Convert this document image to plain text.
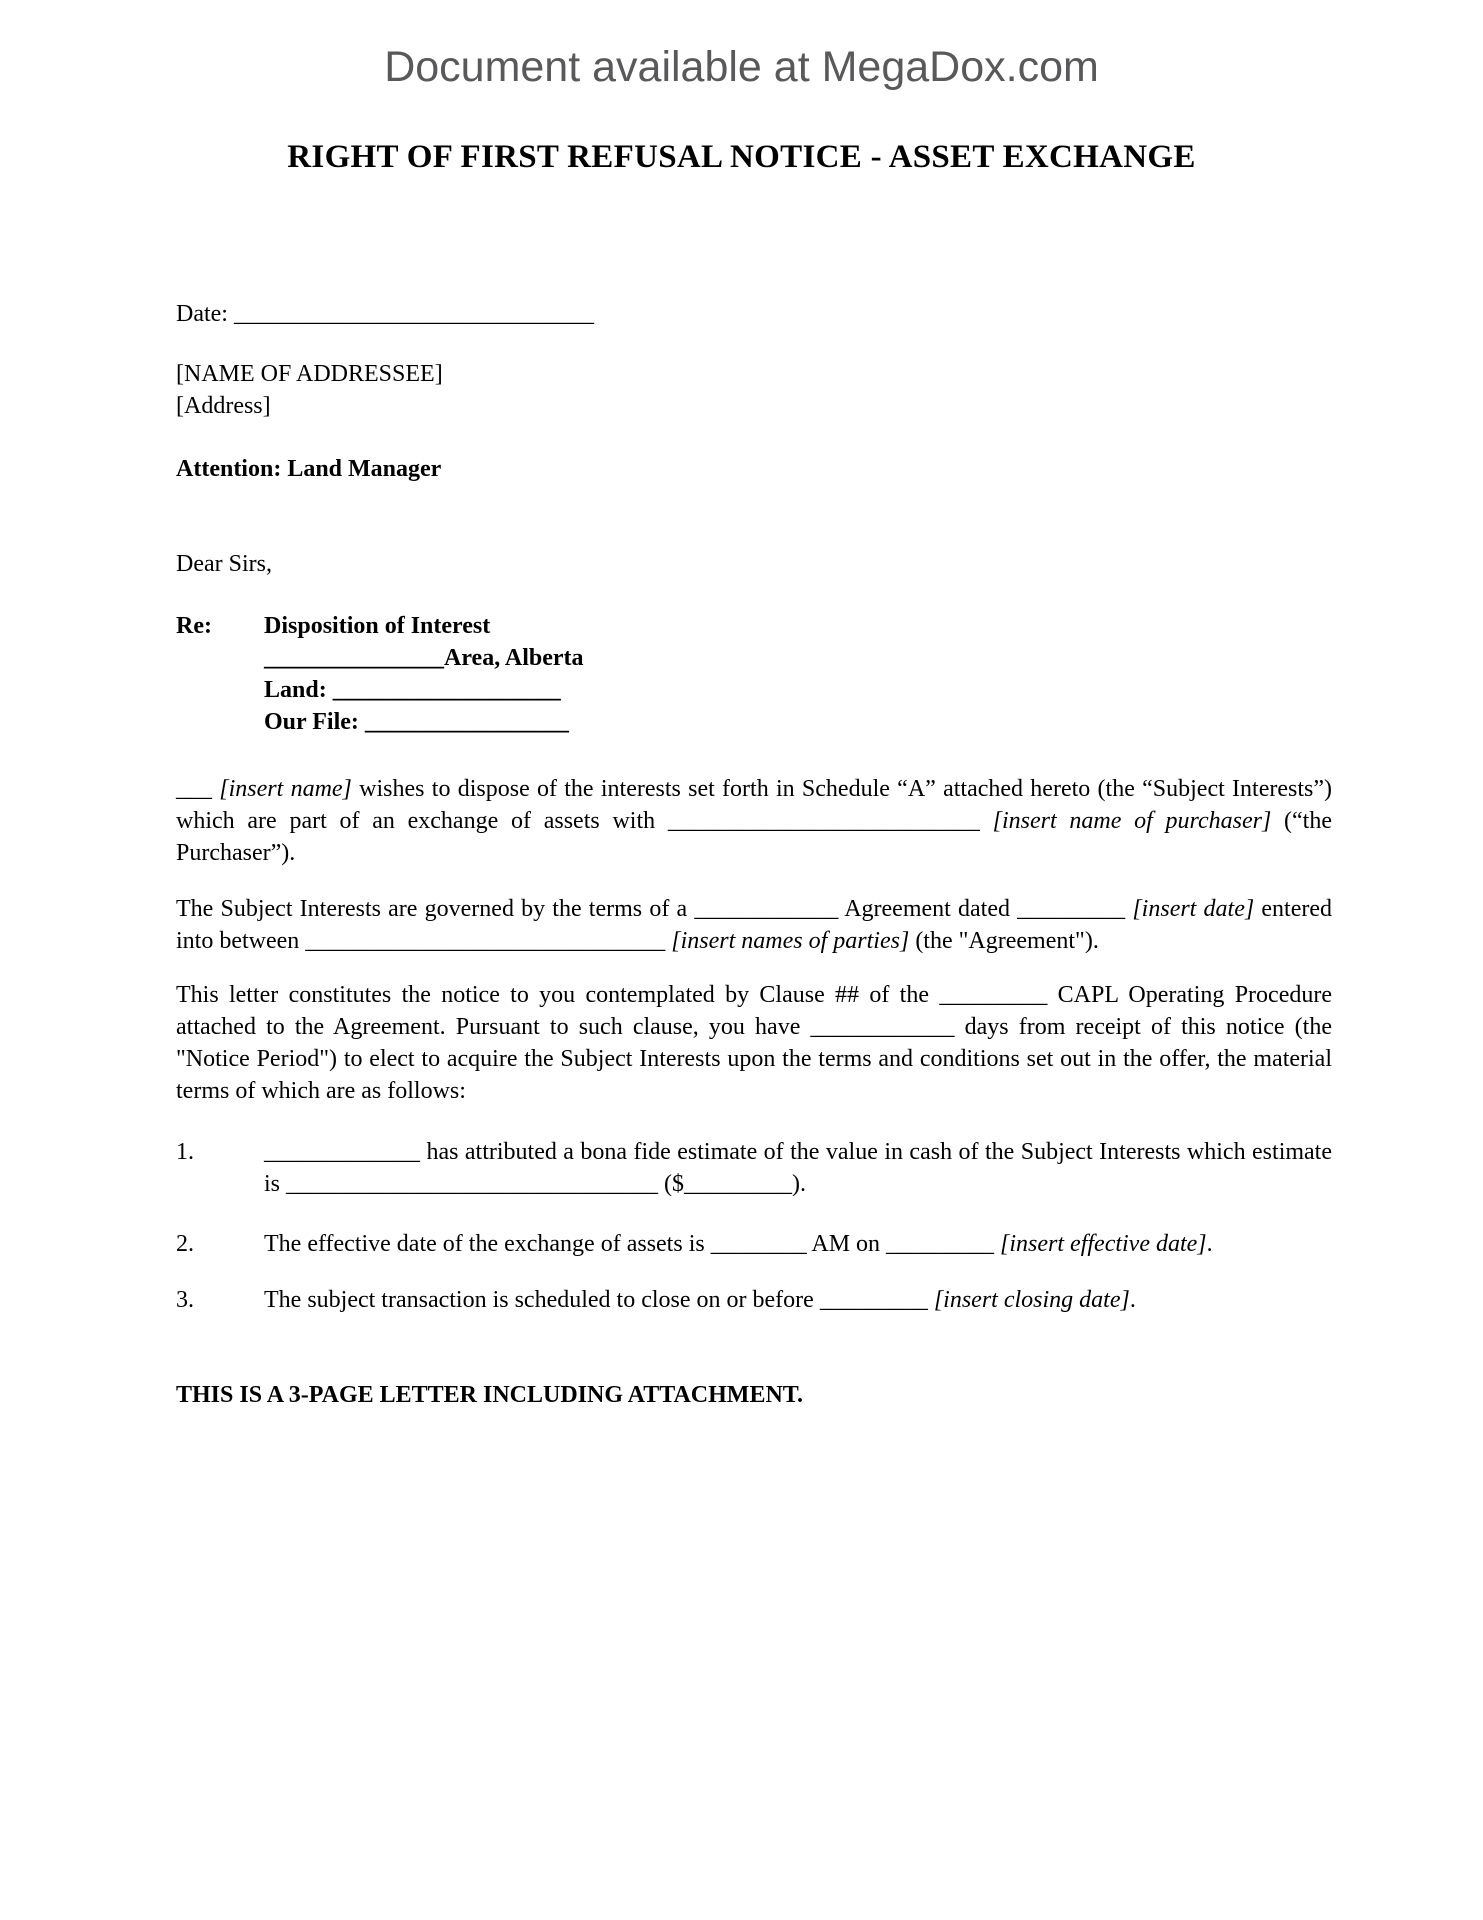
Document available at MegaDox.com
RIGHT OF FIRST REFUSAL NOTICE - ASSET EXCHANGE
Date: ______________________________
[NAME OF ADDRESSEE]
[Address]
Attention: Land Manager
Dear Sirs,
Re:	Disposition of Interest
_______________Area, Alberta
Land: ___________________
Our File: _________________

___ [insert name] wishes to dispose of the interests set forth in Schedule “A” attached hereto (the “Subject Interests”) which are part of an exchange of assets with __________________________ [insert name of purchaser] (“the Purchaser”).

The Subject Interests are governed by the terms of a ____________ Agreement dated _________ [insert date] entered into between ______________________________ [insert names of parties] (the "Agreement").

This letter constitutes the notice to you contemplated by Clause ## of the _________ CAPL Operating Procedure attached to the Agreement. Pursuant to such clause, you have ____________ days from receipt of this notice (the "Notice Period") to elect to acquire the Subject Interests upon the terms and conditions set out in the offer, the material terms of which are as follows:

1.	_____________ has attributed a bona fide estimate of the value in cash of the Subject Interests which estimate is _______________________________ ($_________).

2.	The effective date of the exchange of assets is ________ AM on _________ [insert effective date].

3.	The subject transaction is scheduled to close on or before _________ [insert closing date].

THIS IS A 3-PAGE LETTER INCLUDING ATTACHMENT.
